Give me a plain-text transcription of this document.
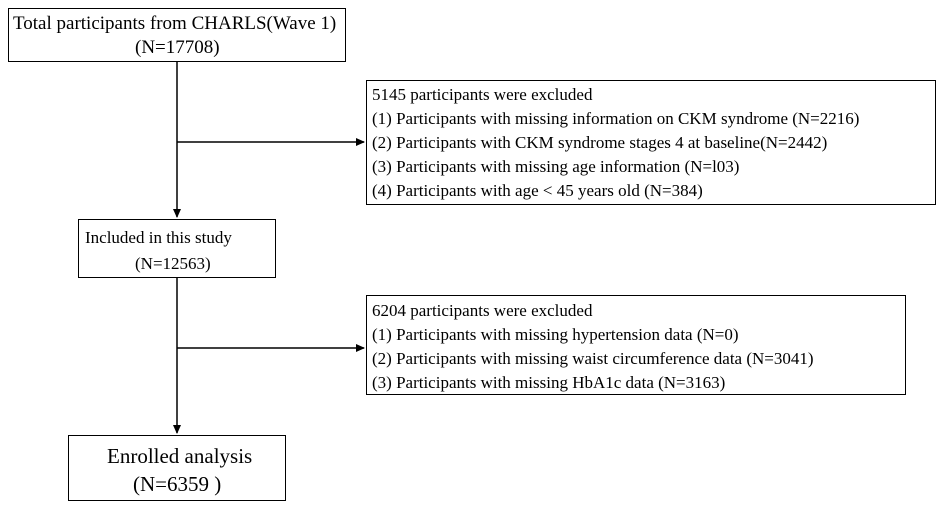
Total participants from CHARLS(Wave 1)
(N=17708)
5145 participants were excluded
(1) Participants with missing information on CKM syndrome (N=2216)
(2) Participants with CKM syndrome stages 4 at baseline(N=2442)
(3) Participants with missing age information (N=l03)
(4) Participants with age < 45 years old (N=384)
Included in this study
(N=12563)
6204 participants were excluded
(1) Participants with missing hypertension data (N=0)
(2) Participants with missing waist circumference data (N=3041)
(3) Participants with missing HbA1c data (N=3163)
Enrolled analysis
(N=6359 )
